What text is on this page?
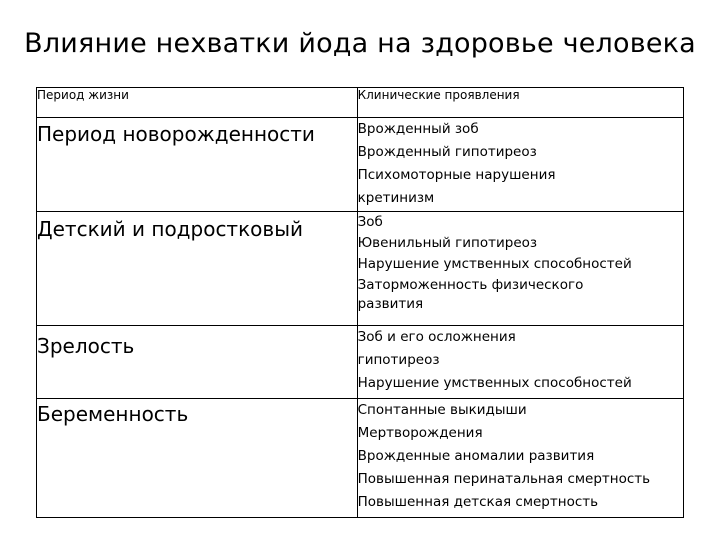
Влияние нехватки йода на здоровье человека
Период жизни	Клинические проявления
Период новорожденности	Врожденный зоб
Врожденный гипотиреоз
Психомоторные нарушения
кретинизм

Детский и подростковый	Зоб
Ювенильный гипотиреоз
Нарушение умственных способностей
Заторможенность физического
развития

Зрелость	Зоб и его осложнения
гипотиреоз
Нарушение умственных способностей

Беременность	Спонтанные выкидыши
Мертворождения
Врожденные аномалии развития
Повышенная перинатальная смертность
Повышенная детская смертность
